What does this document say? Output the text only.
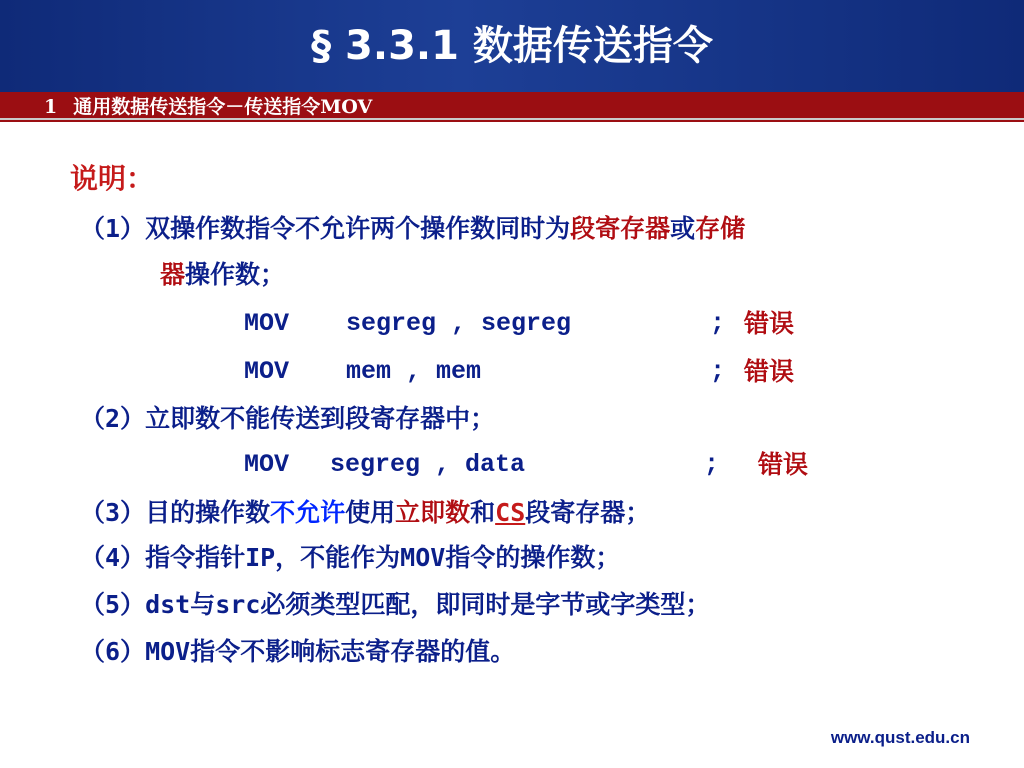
§ 3.3.1 数据传送指令
1 通用数据传送指令－传送指令MOV
说明：
（1）双操作数指令不允许两个操作数同时为段寄存器或存储
器操作数；
MOV segreg , segreg	; 错误
MOV mem , mem	; 错误
（2）立即数不能传送到段寄存器中；
MOV segreg , data	; 错误
（3）目的操作数不允许使用立即数和CS段寄存器；
（4）指令指针IP，不能作为MOV指令的操作数；
（5）dst与src必须类型匹配，即同时是字节或字类型；
（6）MOV指令不影响标志寄存器的值。
www.qust.edu.cn
